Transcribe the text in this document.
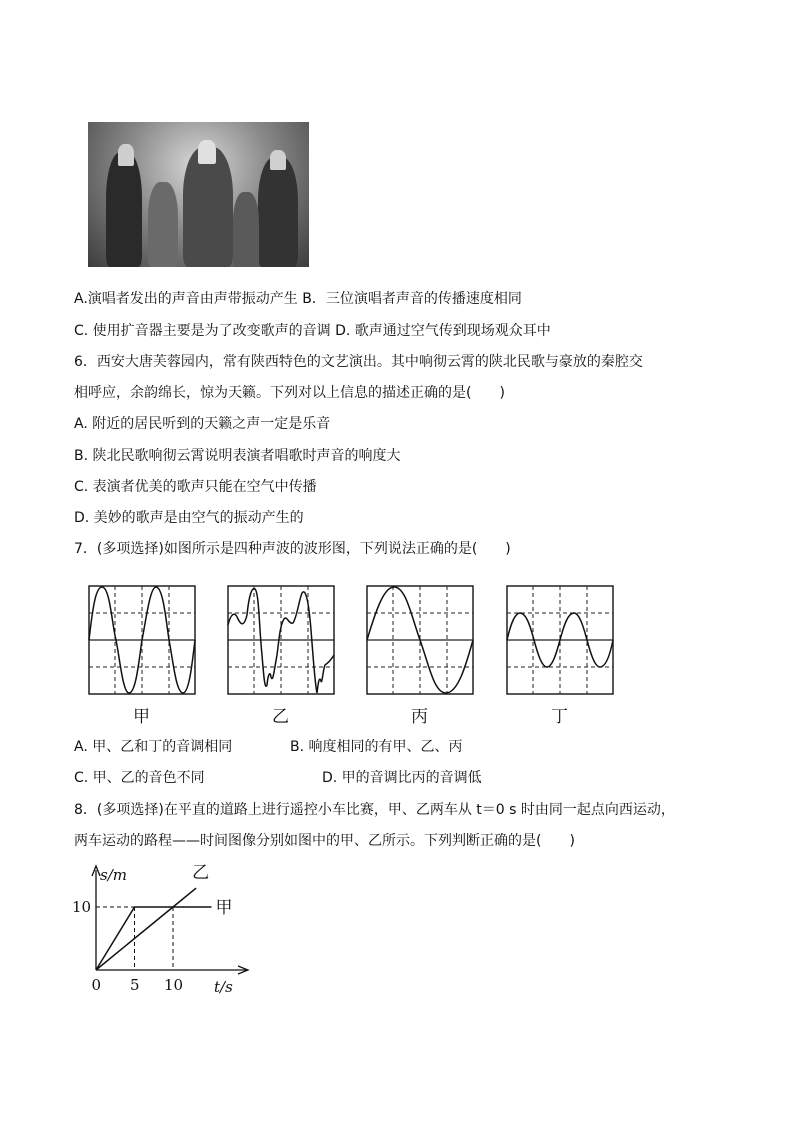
A.演唱者发出的声音由声带振动产生 B．三位演唱者声音的传播速度相同
C. 使用扩音器主要是为了改变歌声的音调 D. 歌声通过空气传到现场观众耳中
6．西安大唐芙蓉园内，常有陕西特色的文艺演出。其中响彻云霄的陕北民歌与豪放的秦腔交
相呼应，余韵绵长，惊为天籁。下列对以上信息的描述正确的是(　　)
A. 附近的居民听到的天籁之声一定是乐音
B. 陕北民歌响彻云霄说明表演者唱歌时声音的响度大
C. 表演者优美的歌声只能在空气中传播
D. 美妙的歌声是由空气的振动产生的
7．(多项选择)如图所示是四种声波的波形图，下列说法正确的是(　　)
甲	乙	丙	丁
A. 甲、乙和丁的音调相同	B. 响度相同的有甲、乙、丙
C. 甲、乙的音色不同	D. 甲的音调比丙的音调低
8．(多项选择)在平直的道路上进行遥控小车比赛，甲、乙两车从 t＝0 s 时由同一起点向西运动，
两车运动的路程——时间图像分别如图中的甲、乙所示。下列判断正确的是(　　)
s/m
t/s
甲
乙
0 5 10
10
